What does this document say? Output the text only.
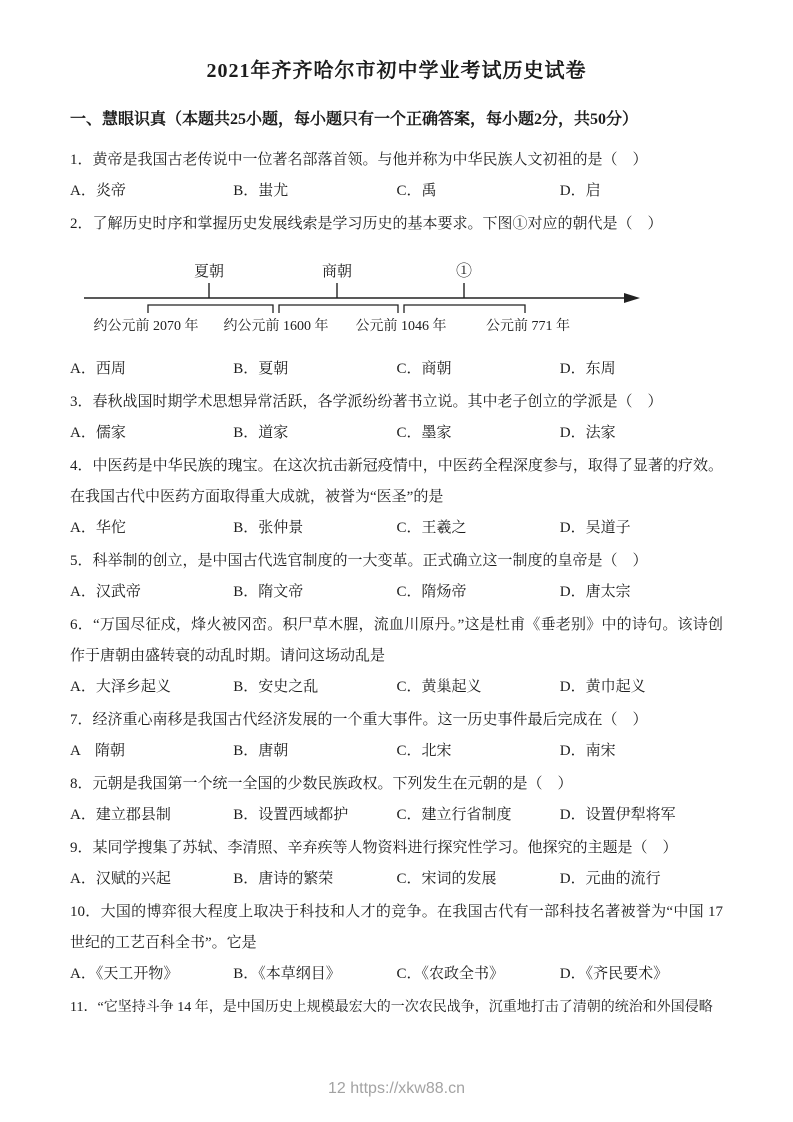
2021年齐齐哈尔市初中学业考试历史试卷
一、慧眼识真（本题共25小题，每小题只有一个正确答案，每小题2分，共50分）

1．黄帝是我国古老传说中一位著名部落首领。与他并称为中华民族人文初祖的是（　）

A．炎帝	B．蚩尤	C．禹	D．启

2．了解历史时序和掌握历史发展线索是学习历史的基本要求。下图①对应的朝代是（　）

夏朝	商朝	①
约公元前 2070 年 约公元前 1600 年 公元前 1046 年	公元前 771 年
A．西周	B．夏朝	C．商朝	D．东周

3．春秋战国时期学术思想异常活跃，各学派纷纷著书立说。其中老子创立的学派是（　）

A．儒家	B．道家	C．墨家	D．法家

4．中医药是中华民族的瑰宝。在这次抗击新冠疫情中，中医药全程深度参与，取得了显著的疗效。在我国古代中医药方面取得重大成就，被誉为“医圣”的是

A．华佗	B．张仲景	C．王羲之	D．吴道子

5．科举制的创立，是中国古代选官制度的一大变革。正式确立这一制度的皇帝是（　）

A．汉武帝	B．隋文帝	C．隋炀帝	D．唐太宗

6．“万国尽征戍，烽火被冈峦。积尸草木腥，流血川原丹。”这是杜甫《垂老别》中的诗句。该诗创作于唐朝由盛转衰的动乱时期。请问这场动乱是

A．大泽乡起义	B．安史之乱	C．黄巢起义	D．黄巾起义

7．经济重心南移是我国古代经济发展的一个重大事件。这一历史事件最后完成在（　）

A　隋朝	B．唐朝	C．北宋	D．南宋

8．元朝是我国第一个统一全国的少数民族政权。下列发生在元朝的是（　）

A．建立郡县制	B．设置西域都护	C．建立行省制度	D．设置伊犁将军

9．某同学搜集了苏轼、李清照、辛弃疾等人物资料进行探究性学习。他探究的主题是（　）

A．汉赋的兴起	B．唐诗的繁荣	C．宋词的发展	D．元曲的流行

10．大国的博弈很大程度上取决于科技和人才的竞争。在我国古代有一部科技名著被誉为“中国 17 世纪的工艺百科全书”。它是

A．《天工开物》	B．《本草纲目》	C．《农政全书》	D．《齐民要术》

11．“它坚持斗争 14 年，是中国历史上规模最宏大的一次农民战争，沉重地打击了清朝的统治和外国侵略

12 https://xkw88.cn
